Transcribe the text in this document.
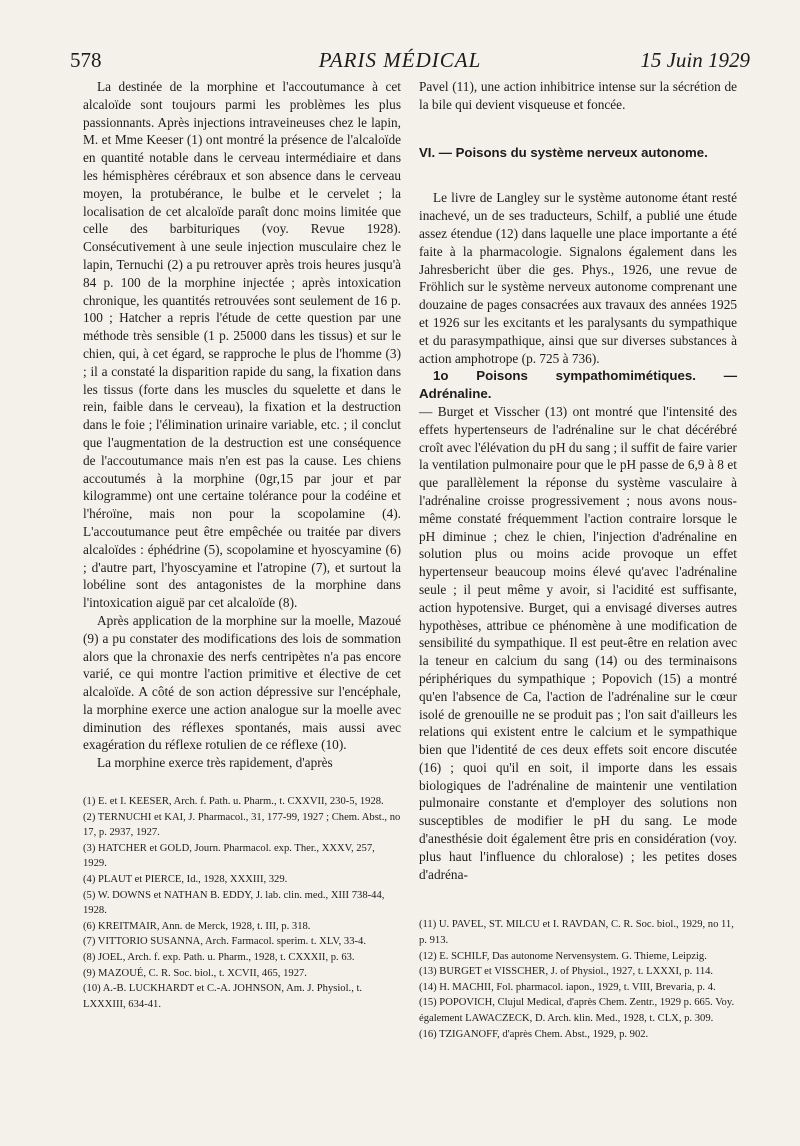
578	PARIS MÉDICAL	15 Juin 1929

La destinée de la morphine et l'accoutumance à cet alcaloïde sont toujours parmi les problèmes les plus passionnants. Après injections intraveineuses chez le lapin, M. et Mme Keeser (1) ont montré la présence de l'alcaloïde en quantité notable dans le cerveau intermédiaire et dans les hémisphères cérébraux et son absence dans le cerveau moyen, la protubérance, le bulbe et le cervelet ; la localisation de cet alcaloïde paraît donc moins limitée que celle des barbituriques (voy. Revue 1928). Consécutivement à une seule injection musculaire chez le lapin, Ternuchi (2) a pu retrouver après trois heures jusqu'à 84 p. 100 de la morphine injectée ; après intoxication chronique, les quantités retrouvées sont seulement de 16 p. 100 ; Hatcher a repris l'étude de cette question par une méthode très sensible (1 p. 25000 dans les tissus) et sur le chien, qui, à cet égard, se rapproche le plus de l'homme (3) ; il a constaté la disparition rapide du sang, la fixation dans les tissus (forte dans les muscles du squelette et dans le rein, faible dans le cerveau), la fixation et la destruction dans le foie ; l'élimination urinaire variable, etc. ; il conclut que l'augmentation de la destruction est une conséquence de l'accoutumance mais n'en est pas la cause. Les chiens accoutumés à la morphine (0gr,15 par jour et par kilogramme) ont une certaine tolérance pour la codéine et l'héroïne, mais non pour la scopolamine (4). L'accoutumance peut être empêchée ou traitée par divers alcaloïdes : éphédrine (5), scopolamine et hyoscyamine (6) ; d'autre part, l'hyoscyamine et l'atropine (7), et surtout la lobéline sont des antagonistes de la morphine dans l'intoxication aiguë par cet alcaloïde (8).

Après application de la morphine sur la moelle, Mazoué (9) a pu constater des modifications des lois de sommation alors que la chronaxie des nerfs centripètes n'a pas encore varié, ce qui montre l'action primitive et élective de cet alcaloïde. A côté de son action dépressive sur l'encéphale, la morphine exerce une action analogue sur la moelle avec diminution des réflexes spontanés, mais aussi avec exagération du réflexe rotulien de ce réflexe (10).

La morphine exerce très rapidement, d'après

(1) E. et I. KEESER, Arch. f. Path. u. Pharm., t. CXXVII, 230-5, 1928.

(2) TERNUCHI et KAI, J. Pharmacol., 31, 177-99, 1927 ; Chem. Abst., no 17, p. 2937, 1927.

(3) HATCHER et GOLD, Journ. Pharmacol. exp. Ther., XXXV, 257, 1929.

(4) PLAUT et PIERCE, Id., 1928, XXXIII, 329.

(5) W. DOWNS et NATHAN B. EDDY, J. lab. clin. med., XIII 738-44, 1928.

(6) KREITMAIR, Ann. de Merck, 1928, t. III, p. 318.

(7) VITTORIO SUSANNA, Arch. Farmacol. sperim. t. XLV, 33-4.

(8) JOEL, Arch. f. exp. Path. u. Pharm., 1928, t. CXXXII, p. 63.

(9) MAZOUÉ, C. R. Soc. biol., t. XCVII, 465, 1927.

(10) A.-B. LUCKHARDT et C.-A. JOHNSON, Am. J. Physiol., t. LXXXIII, 634-41.

Pavel (11), une action inhibitrice intense sur la sécrétion de la bile qui devient visqueuse et foncée.

VI. — Poisons du système nerveux autonome.

Le livre de Langley sur le système autonome étant resté inachevé, un de ses traducteurs, Schilf, a publié une étude assez étendue (12) dans laquelle une place importante a été faite à la pharmacologie. Signalons également dans les Jahresbericht über die ges. Phys., 1926, une revue de Fröhlich sur le système nerveux autonome comprenant une douzaine de pages consacrées aux travaux des années 1925 et 1926 sur les excitants et les paralysants du sympathique et du parasympathique, ainsi que sur diverses substances à action amphotrope (p. 725 à 736).

1o Poisons sympathomimétiques. — Adrénaline.

— Burget et Visscher (13) ont montré que l'intensité des effets hypertenseurs de l'adrénaline sur le chat décérébré croît avec l'élévation du pH du sang ; il suffit de faire varier la ventilation pulmonaire pour que le pH passe de 6,9 à 8 et que parallèlement la réponse du système vasculaire à l'adrénaline croisse progressivement ; nous avons nous-même constaté fréquemment l'action contraire lorsque le pH diminue ; chez le chien, l'injection d'adrénaline en solution plus ou moins acide provoque un effet hypertenseur beaucoup moins élevé qu'avec l'adrénaline seule ; il peut même y avoir, si l'acidité est suffisante, action hypotensive. Burget, qui a envisagé diverses autres hypothèses, attribue ce phénomène à une modification de sensibilité du sympathique. Il est peut-être en relation avec la teneur en calcium du sang (14) ou des terminaisons périphériques du sympathique ; Popovich (15) a montré qu'en l'absence de Ca, l'action de l'adrénaline sur le cœur isolé de grenouille ne se produit pas ; l'on sait d'ailleurs les relations qui existent entre le calcium et le sympathique bien que l'identité de ces deux effets soit encore discutée (16) ; quoi qu'il en soit, il importe dans les essais biologiques de l'adrénaline de maintenir une ventilation pulmonaire constante et d'employer des solutions non susceptibles de modifier le pH du sang. Le mode d'anesthésie doit également être pris en considération (voy. plus haut l'influence du chloralose) ; les petites doses d'adréna-

(11) U. PAVEL, ST. MILCU et I. RAVDAN, C. R. Soc. biol., 1929, no 11, p. 913.

(12) E. SCHILF, Das autonome Nervensystem. G. Thieme, Leipzig.

(13) BURGET et VISSCHER, J. of Physiol., 1927, t. LXXXI, p. 114.

(14) H. MACHII, Fol. pharmacol. iapon., 1929, t. VIII, Brevaria, p. 4.

(15) POPOVICH, Clujul Medical, d'après Chem. Zentr., 1929 p. 665. Voy. également LAWACZECK, D. Arch. klin. Med., 1928, t. CLX, p. 309.

(16) TZIGANOFF, d'après Chem. Abst., 1929, p. 902.
